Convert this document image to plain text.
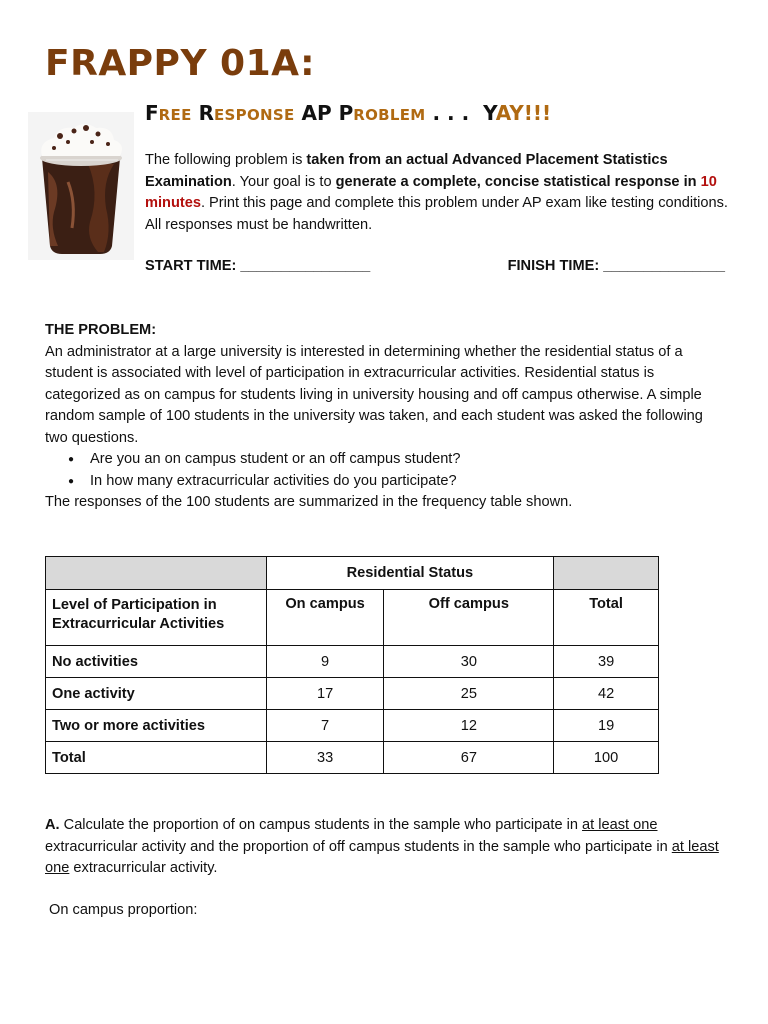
FRAPPY 01A:
FREE RESPONSE AP PROBLEM . . . YAY!!!
The following problem is taken from an actual Advanced Placement Statistics Examination. Your goal is to generate a complete, concise statistical response in 10 minutes. Print this page and complete this problem under AP exam like testing conditions. All responses must be handwritten.
START TIME: ________________	FINISH TIME: _______________
THE PROBLEM:

An administrator at a large university is interested in determining whether the residential status of a student is associated with level of participation in extracurricular activities. Residential status is categorized as on campus for students living in university housing and off campus otherwise. A simple random sample of 100 students in the university was taken, and each student was asked the following two questions.

● Are you an on campus student or an off campus student?
● In how many extracurricular activities do you participate?

The responses of the 100 students are summarized in the frequency table shown.

	Residential Status		
Level of Participation in
Extracurricular Activities	On campus	Off campus	Total
No activities	9	30	39
One activity	17	25	42
Two or more activities	7	12	19
Total	33	67	100
A. Calculate the proportion of on campus students in the sample who participate in at least one extracurricular activity and the proportion of off campus students in the sample who participate in at least one extracurricular activity.
On campus proportion:
